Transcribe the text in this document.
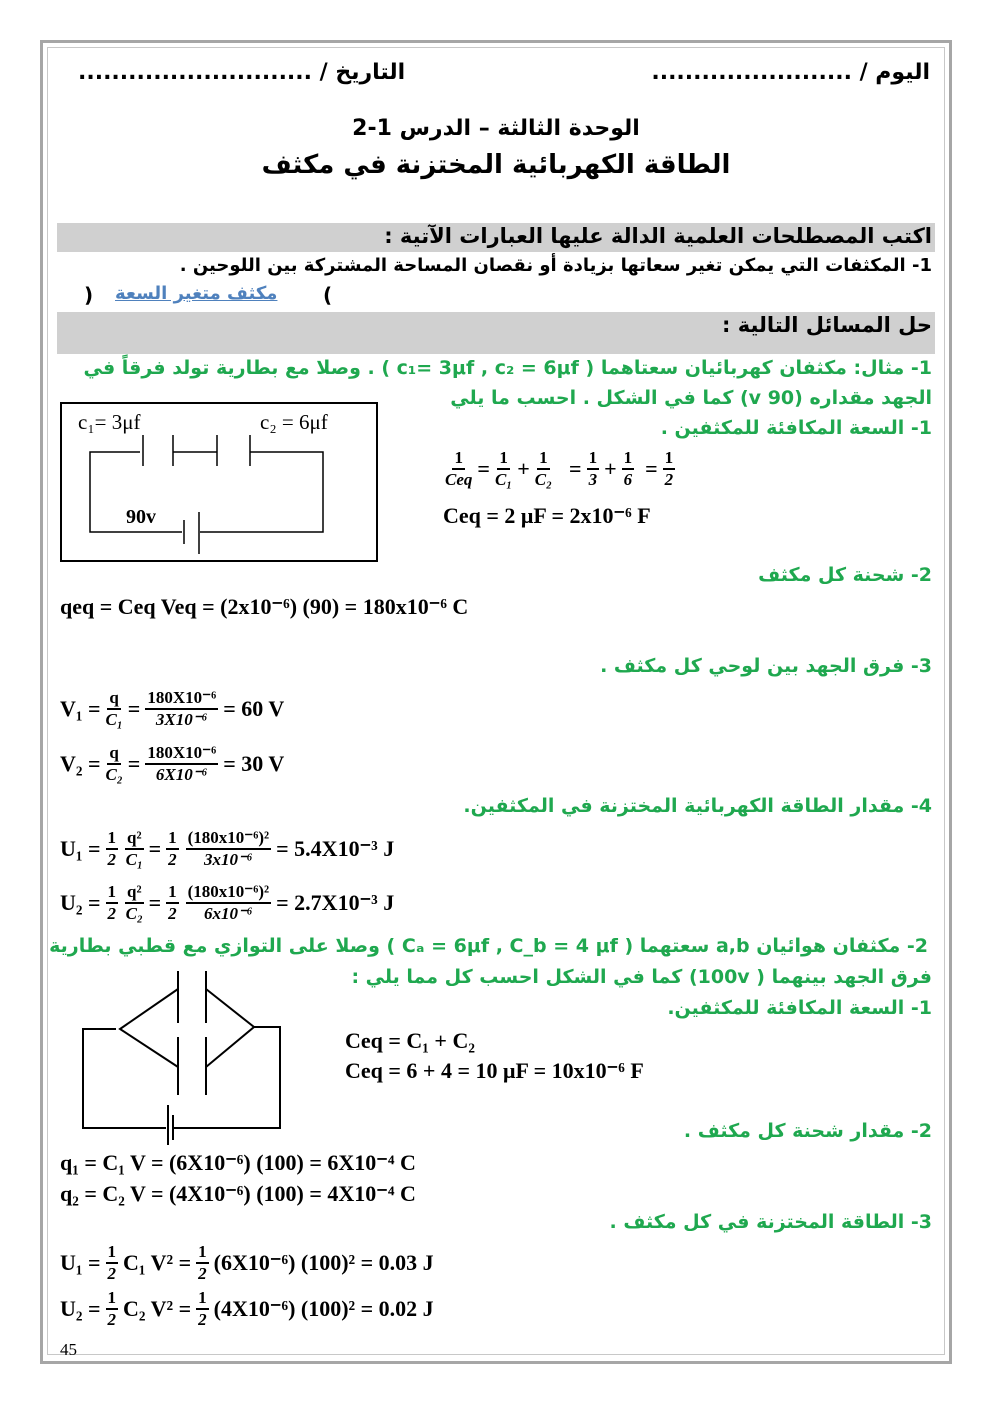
اليوم / ........................
التاريخ / ............................
الوحدة الثالثة – الدرس 1-2
الطاقة الكهربائية المختزنة في مكثف
اكتب المصطلحات العلمية الدالة عليها العبارات الآتية :
1- المكثفات التي يمكن تغير سعاتها بزيادة أو نقصان المساحة المشتركة بين اللوحين .
( مكثف متغير السعة )
حل المسائل التالية :
1- مثال: مكثفان كهربائيان سعتاهما ( c₁= 3μf , c₂ = 6μf ) . وصلا مع بطارية تولد فرقاً في
الجهد مقداره (90 v) كما في الشكل . احسب ما يلي
1- السعة المكافئة للمكثفين .
c₁= 3μf	c₂ = 6μf
90v
$\frac{1}{\text{Ceq}} = \frac{1}{\text{C₁}} + \frac{1}{\text{C₂}} = \frac{1}{3} + \frac{1}{6} = \frac{1}{2}$
Ceq = 2 μF = 2x10⁻⁶ F
2- شحنة كل مكثف
qeq = Ceq Veq = (2x10⁻⁶) (90) = 180x10⁻⁶ C
3- فرق الجهد بين لوحي كل مكثف .
$V_1 = \frac{q}{\text{C₁}} = \frac{\text{180X10⁻⁶}}{\text{3X10⁻⁶}} = 60$ V
$V_2 = \frac{q}{\text{C₂}} = \frac{\text{180X10⁻⁶}}{\text{6X10⁻⁶}} = 30$ V
4- مقدار الطاقة الكهربائية المختزنة في المكثفين.
$U_1 = \frac{1}{2} \frac{\text{q²}}{\text{C₁}} = \frac{1}{2} \frac{\text{(180x10⁻⁶)²}}{\text{3x10⁻⁶}} = 5.4X10^{-3}$ J
$U_2 = \frac{1}{2} \frac{\text{q²}}{\text{C₂}} = \frac{1}{2} \frac{\text{(180x10⁻⁶)²}}{\text{6x10⁻⁶}} = 2.7X10^{-3}$ J
2- مكثفان هوائيان a,b سعتهما ( Cₐ = 6μf , C_b = 4 μf ) وصلا على التوازي مع قطبي بطارية
فرق الجهد بينهما ( 100v) كما في الشكل احسب كل مما يلي :
1- السعة المكافئة للمكثفين.
Ceq = C₁ + C₂
Ceq = 6 + 4 = 10 μF = 10x10⁻⁶ F
2- مقدار شحنة كل مكثف .
q₁ = C₁ V = (6X10⁻⁶) (100) = 6X10⁻⁴ C
q₂ = C₂ V = (4X10⁻⁶) (100) = 4X10⁻⁴ C
3- الطاقة المختزنة في كل مكثف .
$U_1 = \frac{1}{2} C_1$ $V^2 = \frac{1}{2} (6X10^{-6}) (100)^2 = 0.03$ J
$U_2 = \frac{1}{2} C_2$ $V^2 = \frac{1}{2} (4X10^{-6}) (100)^2 = 0.02$ J
45
